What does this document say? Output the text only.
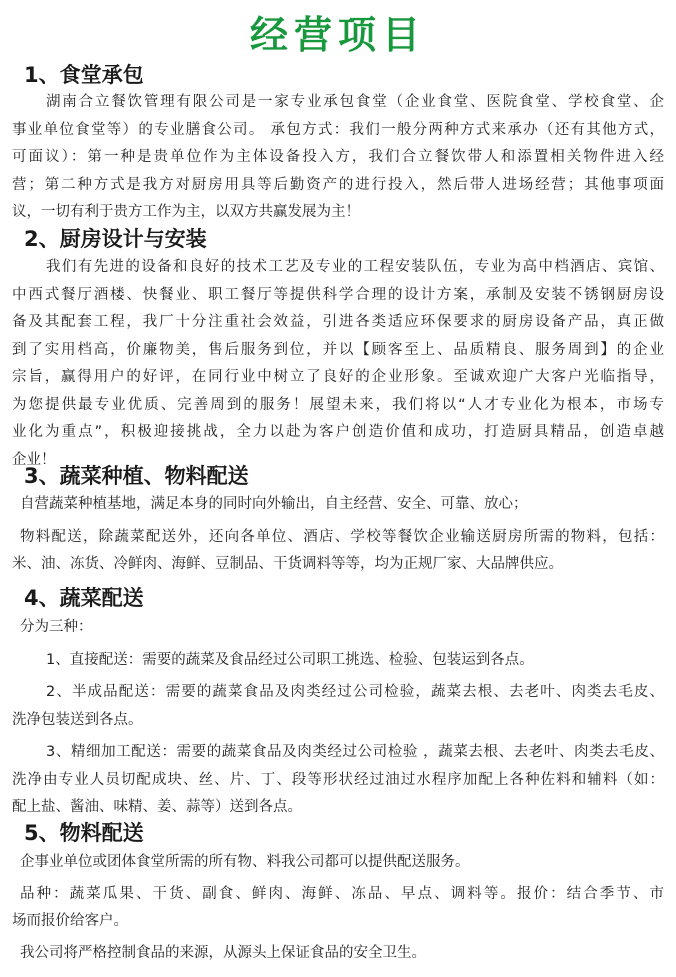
经营项目
1、食堂承包
湖南合立餐饮管理有限公司是一家专业承包食堂（企业食堂、医院食堂、学校食堂、企
事业单位食堂等）的专业膳食公司。 承包方式：我们一般分两种方式来承办（还有其他方式，
可面议）：第一种是贵单位作为主体设备投入方，我们合立餐饮带人和添置相关物件进入经
营；第二种方式是我方对厨房用具等后勤资产的进行投入，然后带人进场经营；其他事项面
议，一切有利于贵方工作为主，以双方共赢发展为主！
2、厨房设计与安装
我们有先进的设备和良好的技术工艺及专业的工程安装队伍，专业为高中档酒店、宾馆、
中西式餐厅酒楼、快餐业、职工餐厅等提供科学合理的设计方案，承制及安装不锈钢厨房设
备及其配套工程，我厂十分注重社会效益，引进各类适应环保要求的厨房设备产品，真正做
到了实用档高，价廉物美，售后服务到位，并以【顾客至上、品质精良、服务周到】的企业
宗旨，赢得用户的好评，在同行业中树立了良好的企业形象。至诚欢迎广大客户光临指导，
为您提供最专业优质、完善周到的服务！展望未来，我们将以“人才专业化为根本，市场专
业化为重点”，积极迎接挑战，全力以赴为客户创造价值和成功，打造厨具精品，创造卓越
企业！
3、蔬菜种植、物料配送
自营蔬菜种植基地，满足本身的同时向外输出，自主经营、安全、可靠、放心；
物料配送，除蔬菜配送外，还向各单位、酒店、学校等餐饮企业输送厨房所需的物料，包括：
米、油、冻货、冷鲜肉、海鲜、豆制品、干货调料等等，均为正规厂家、大品牌供应。
4、蔬菜配送
分为三种：
1、直接配送：需要的蔬菜及食品经过公司职工挑选、检验、包装运到各点。
2、半成品配送：需要的蔬菜食品及肉类经过公司检验，蔬菜去根、去老叶、肉类去毛皮、
洗净包装送到各点。
3、精细加工配送：需要的蔬菜食品及肉类经过公司检验 ，蔬菜去根、去老叶、肉类去毛皮、
洗净由专业人员切配成块、丝、片、丁、段等形状经过油过水程序加配上各种佐料和辅料（如：
配上盐、酱油、味精、姜、蒜等）送到各点。
5、物料配送
企事业单位或团体食堂所需的所有物、料我公司都可以提供配送服务。
品种：蔬菜瓜果、干货、副食、鲜肉、海鲜、冻品、早点、调料等。报价：结合季节、市
场而报价给客户。
我公司将严格控制食品的来源，从源头上保证食品的安全卫生。
